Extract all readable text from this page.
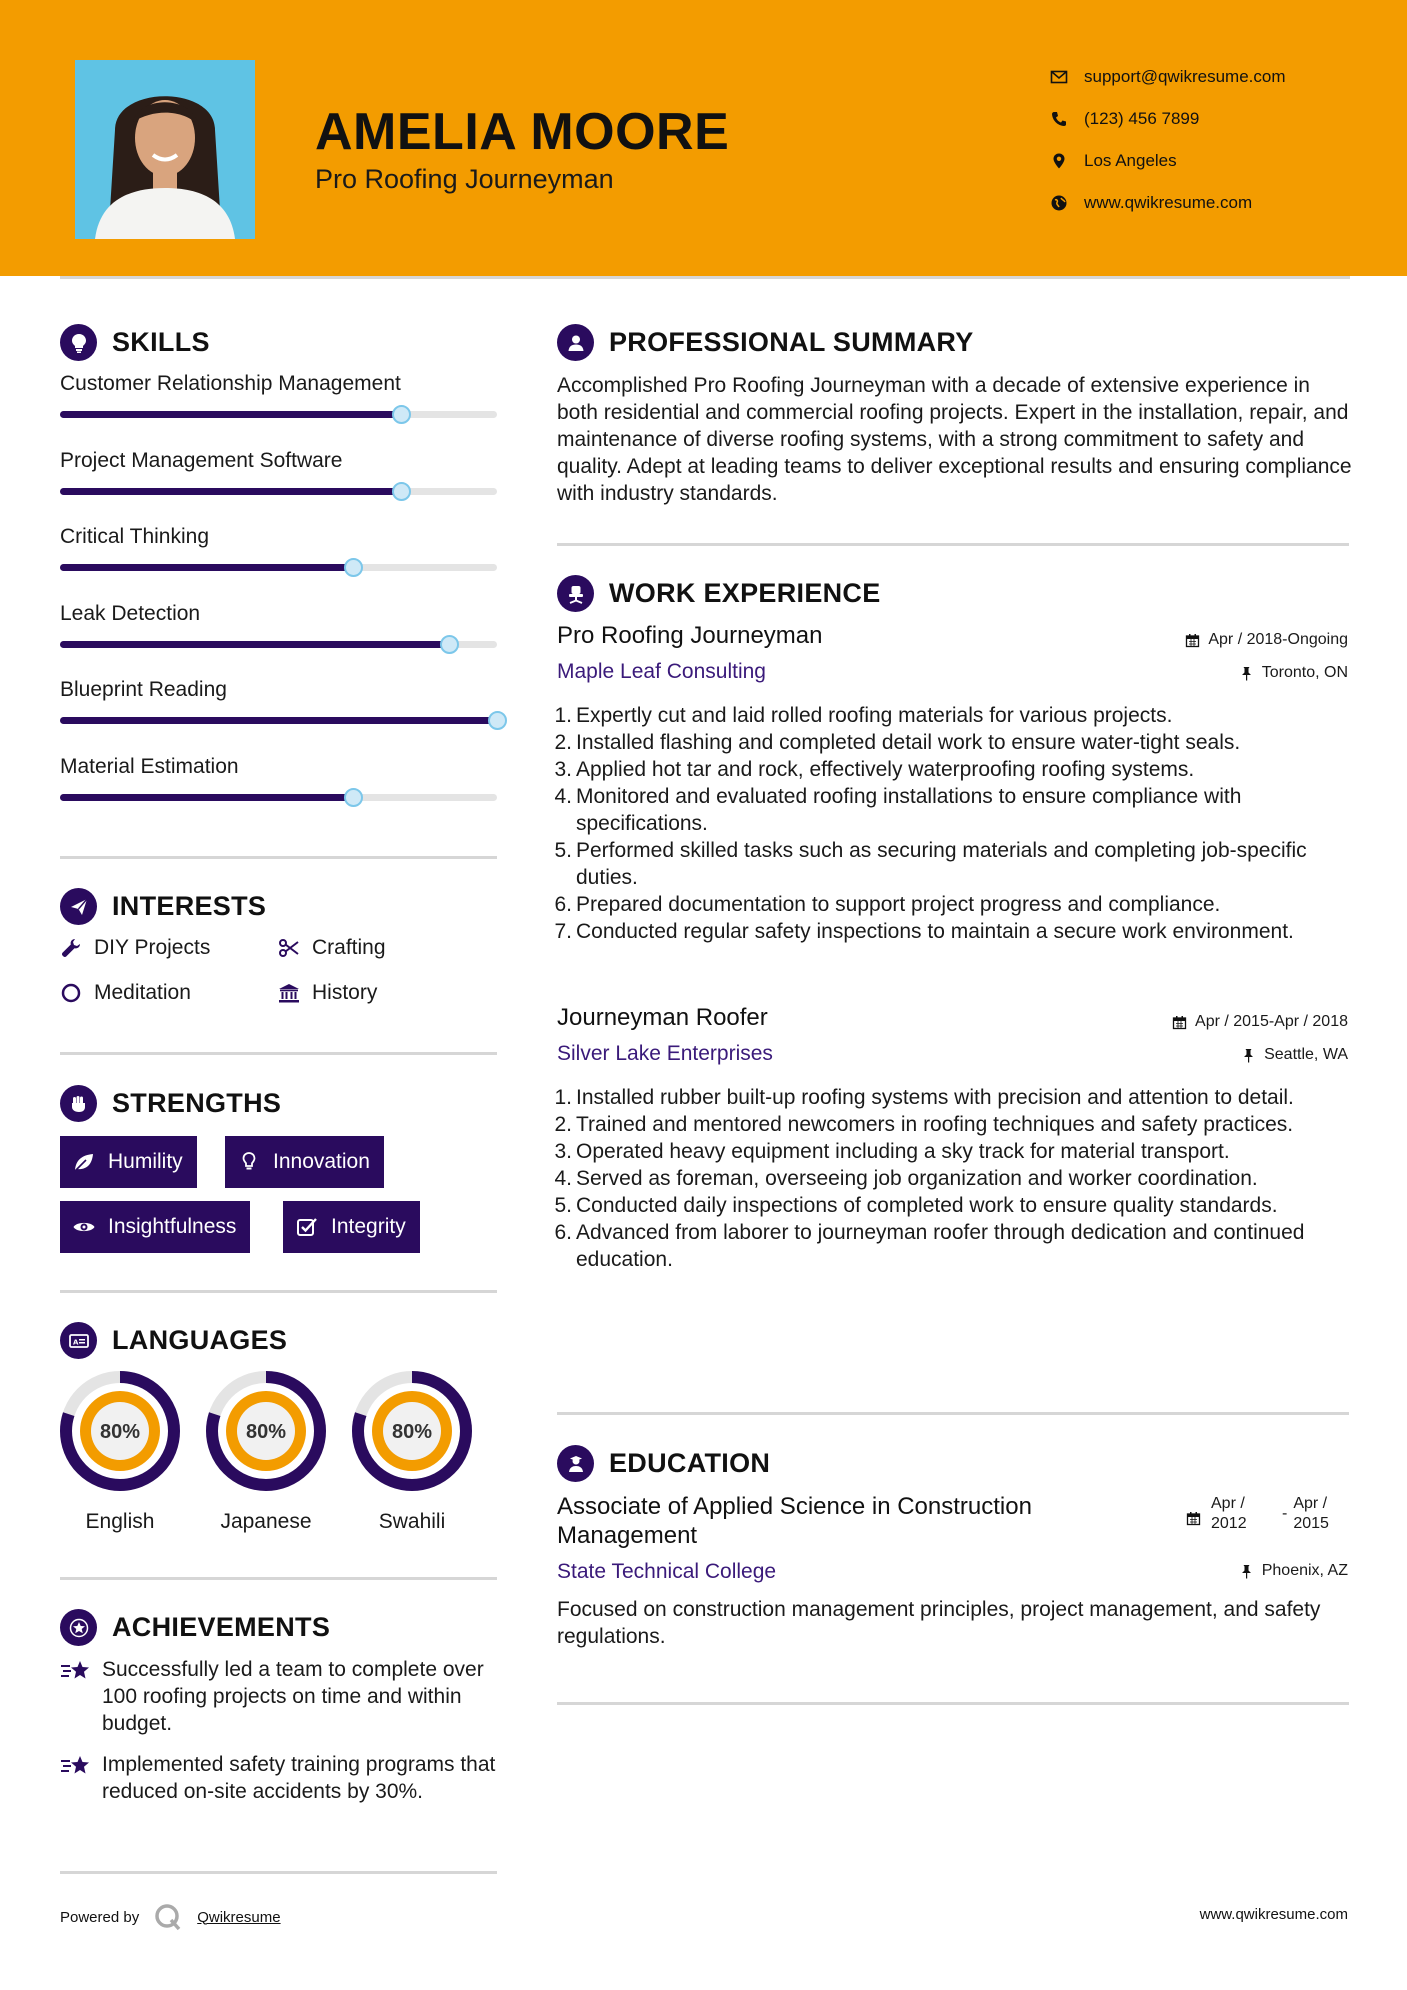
AMELIA MOORE
Pro Roofing Journeyman
support@qwikresume.com
(123) 456 7899
Los Angeles
www.qwikresume.com
SKILLS
Customer Relationship Management
Project Management Software
Critical Thinking
Leak Detection
Blueprint Reading
Material Estimation
INTERESTS
DIY Projects	Crafting
Meditation	History
STRENGTHS
Humility	Innovation
Insightfulness	Integrity
A LANGUAGES
80%
English
80%
Japanese
80%
Swahili
ACHIEVEMENTS
Successfully led a team to complete over 100 roofing projects on time and within budget.
Implemented safety training programs that reduced on-site accidents by 30%.
PROFESSIONAL SUMMARY
Accomplished Pro Roofing Journeyman with a decade of extensive experience in both residential and commercial roofing projects. Expert in the installation, repair, and maintenance of diverse roofing systems, with a strong commitment to safety and quality. Adept at leading teams to deliver exceptional results and ensuring compliance with industry standards.
WORK EXPERIENCE
Pro Roofing Journeyman	Apr / 2018-Ongoing
Maple Leaf Consulting	Toronto, ON
1. Expertly cut and laid rolled roofing materials for various projects.
2. Installed flashing and completed detail work to ensure water-tight seals.
3. Applied hot tar and rock, effectively waterproofing roofing systems.
4. Monitored and evaluated roofing installations to ensure compliance with specifications.
5. Performed skilled tasks such as securing materials and completing job-specific duties.
6. Prepared documentation to support project progress and compliance.
7. Conducted regular safety inspections to maintain a secure work environment.
Journeyman Roofer	Apr / 2015-Apr / 2018
Silver Lake Enterprises	Seattle, WA
1. Installed rubber built-up roofing systems with precision and attention to detail.
2. Trained and mentored newcomers in roofing techniques and safety practices.
3. Operated heavy equipment including a sky track for material transport.
4. Served as foreman, overseeing job organization and worker coordination.
5. Conducted daily inspections of completed work to ensure quality standards.
6. Advanced from laborer to journeyman roofer through dedication and continued education.
EDUCATION
Associate of Applied Science in Construction Management
Apr / 2012
-
Apr / 2015
State Technical College	Phoenix, AZ
Focused on construction management principles, project management, and safety regulations.
Powered by	Qwikresume	www.qwikresume.com
